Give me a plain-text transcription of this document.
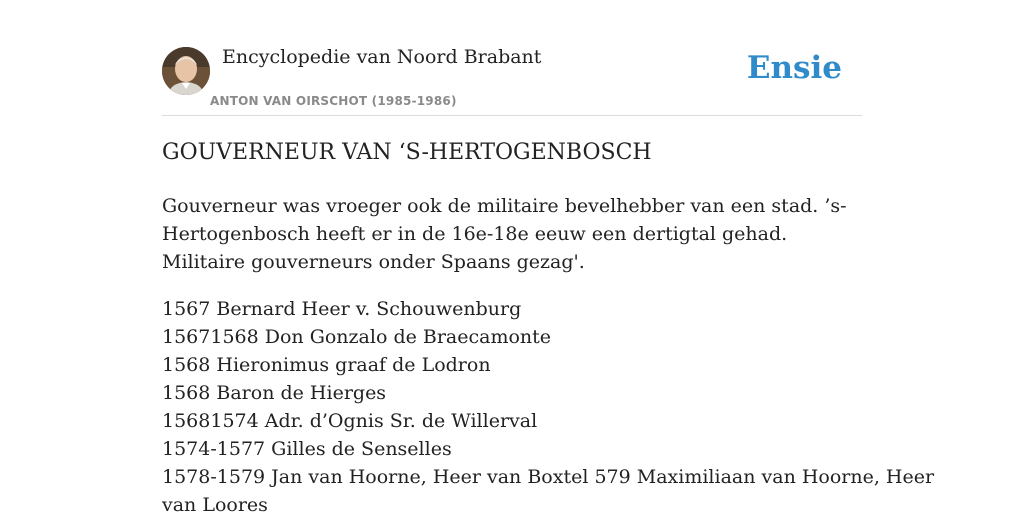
Encyclopedie van Noord Brabant
ANTON VAN OIRSCHOT (1985-1986)
Ensie
GOUVERNEUR VAN ‘S-HERTOGENBOSCH

Gouverneur was vroeger ook de militaire bevelhebber van een stad. ’s-Hertogenbosch heeft er in de 16e-18e eeuw een dertigtal gehad. Militaire gouverneurs onder Spaans gezag'.

1567 Bernard Heer v. Schouwenburg
15671568 Don Gonzalo de Braecamonte
1568 Hieronimus graaf de Lodron
1568 Baron de Hierges
15681574 Adr. d’Ognis Sr. de Willerval
1574-1577 Gilles de Senselles
1578-1579 Jan van Hoorne, Heer van Boxtel 579 Maximiliaan van Hoorne, Heer
van Loores
